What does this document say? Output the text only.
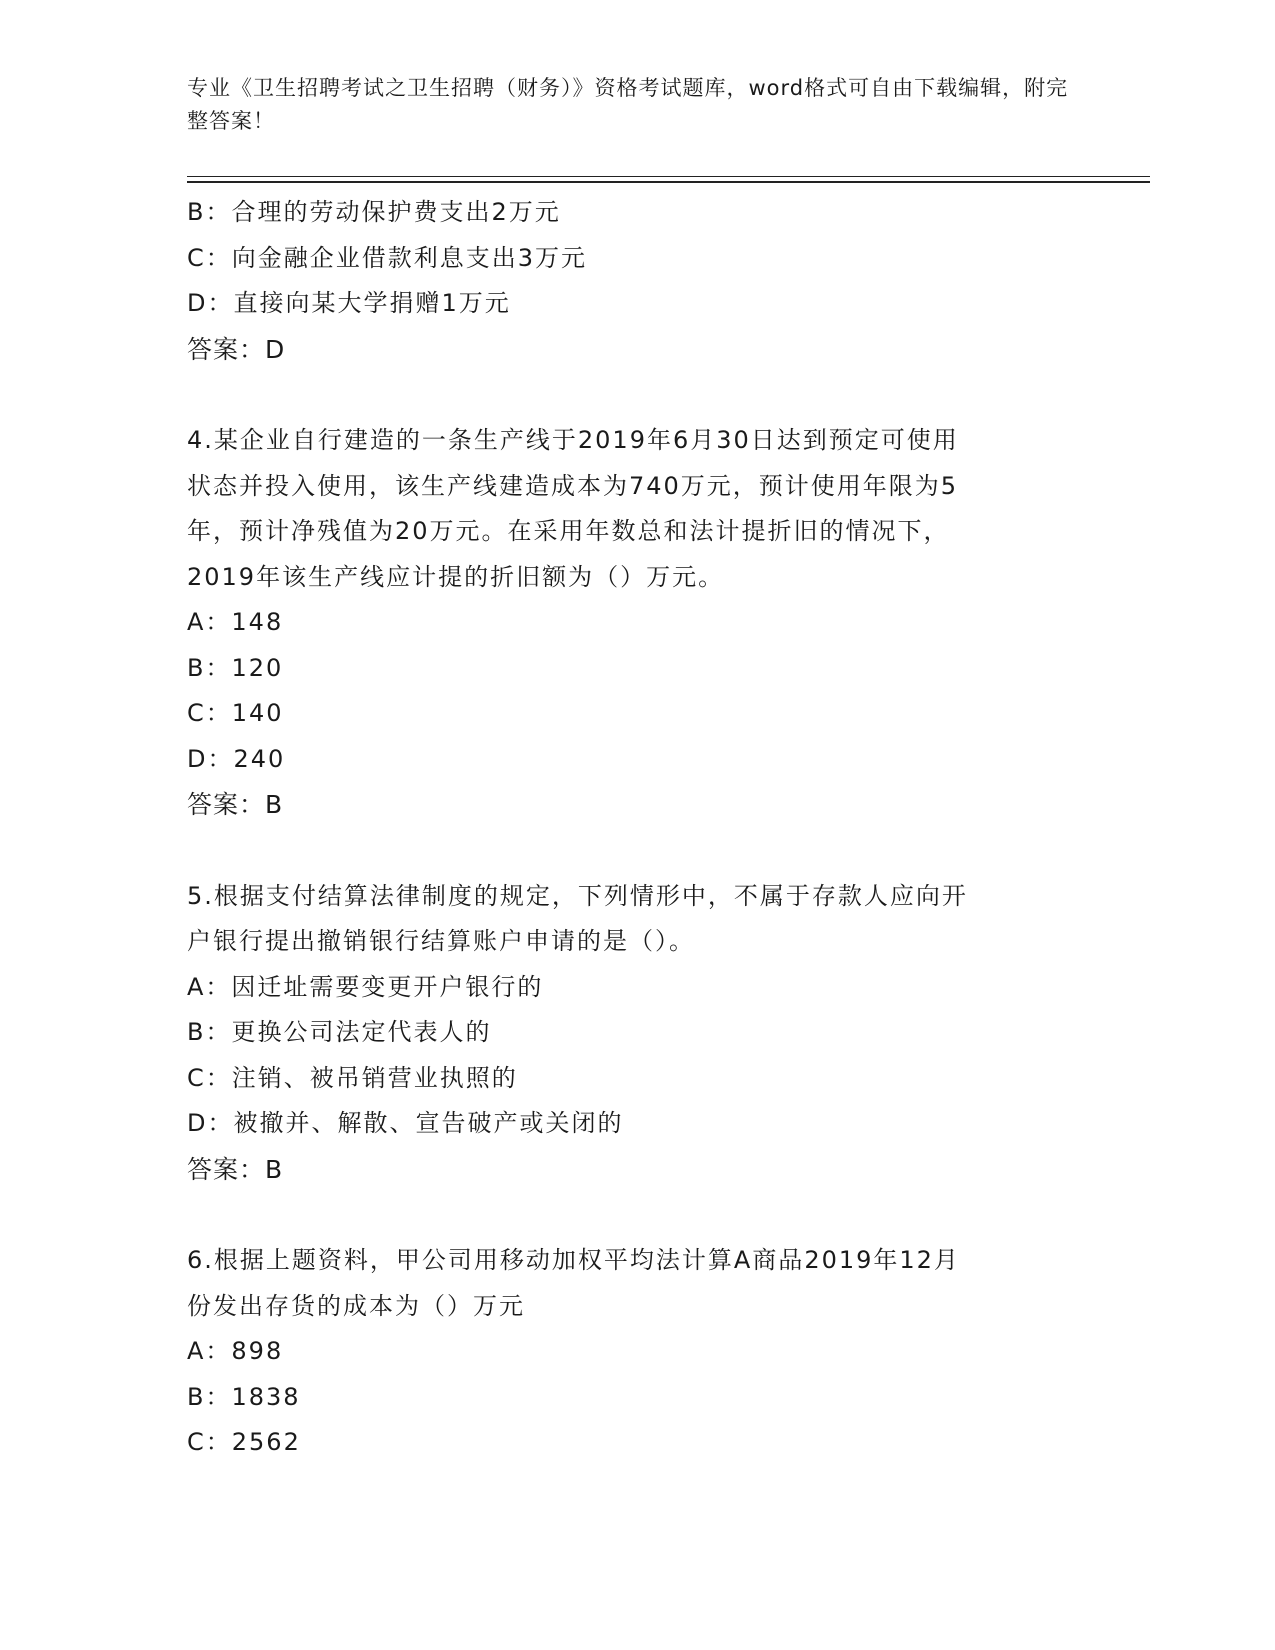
专业《卫生招聘考试之卫生招聘（财务）》资格考试题库，word格式可自由下载编辑，附完整答案！
B：合理的劳动保护费支出2万元
C：向金融企业借款利息支出3万元
D：直接向某大学捐赠1万元
答案：D
4.某企业自行建造的一条生产线于2019年6月30日达到预定可使用
状态并投入使用，该生产线建造成本为740万元，预计使用年限为5
年，预计净残值为20万元。在采用年数总和法计提折旧的情况下，
2019年该生产线应计提的折旧额为（）万元。
A：148
B：120
C：140
D：240
答案：B
5.根据支付结算法律制度的规定，下列情形中，不属于存款人应向开
户银行提出撤销银行结算账户申请的是（）。
A：因迁址需要变更开户银行的
B：更换公司法定代表人的
C：注销、被吊销营业执照的
D：被撤并、解散、宣告破产或关闭的
答案：B
6.根据上题资料，甲公司用移动加权平均法计算A商品2019年12月
份发出存货的成本为（）万元
A：898
B：1838
C：2562
